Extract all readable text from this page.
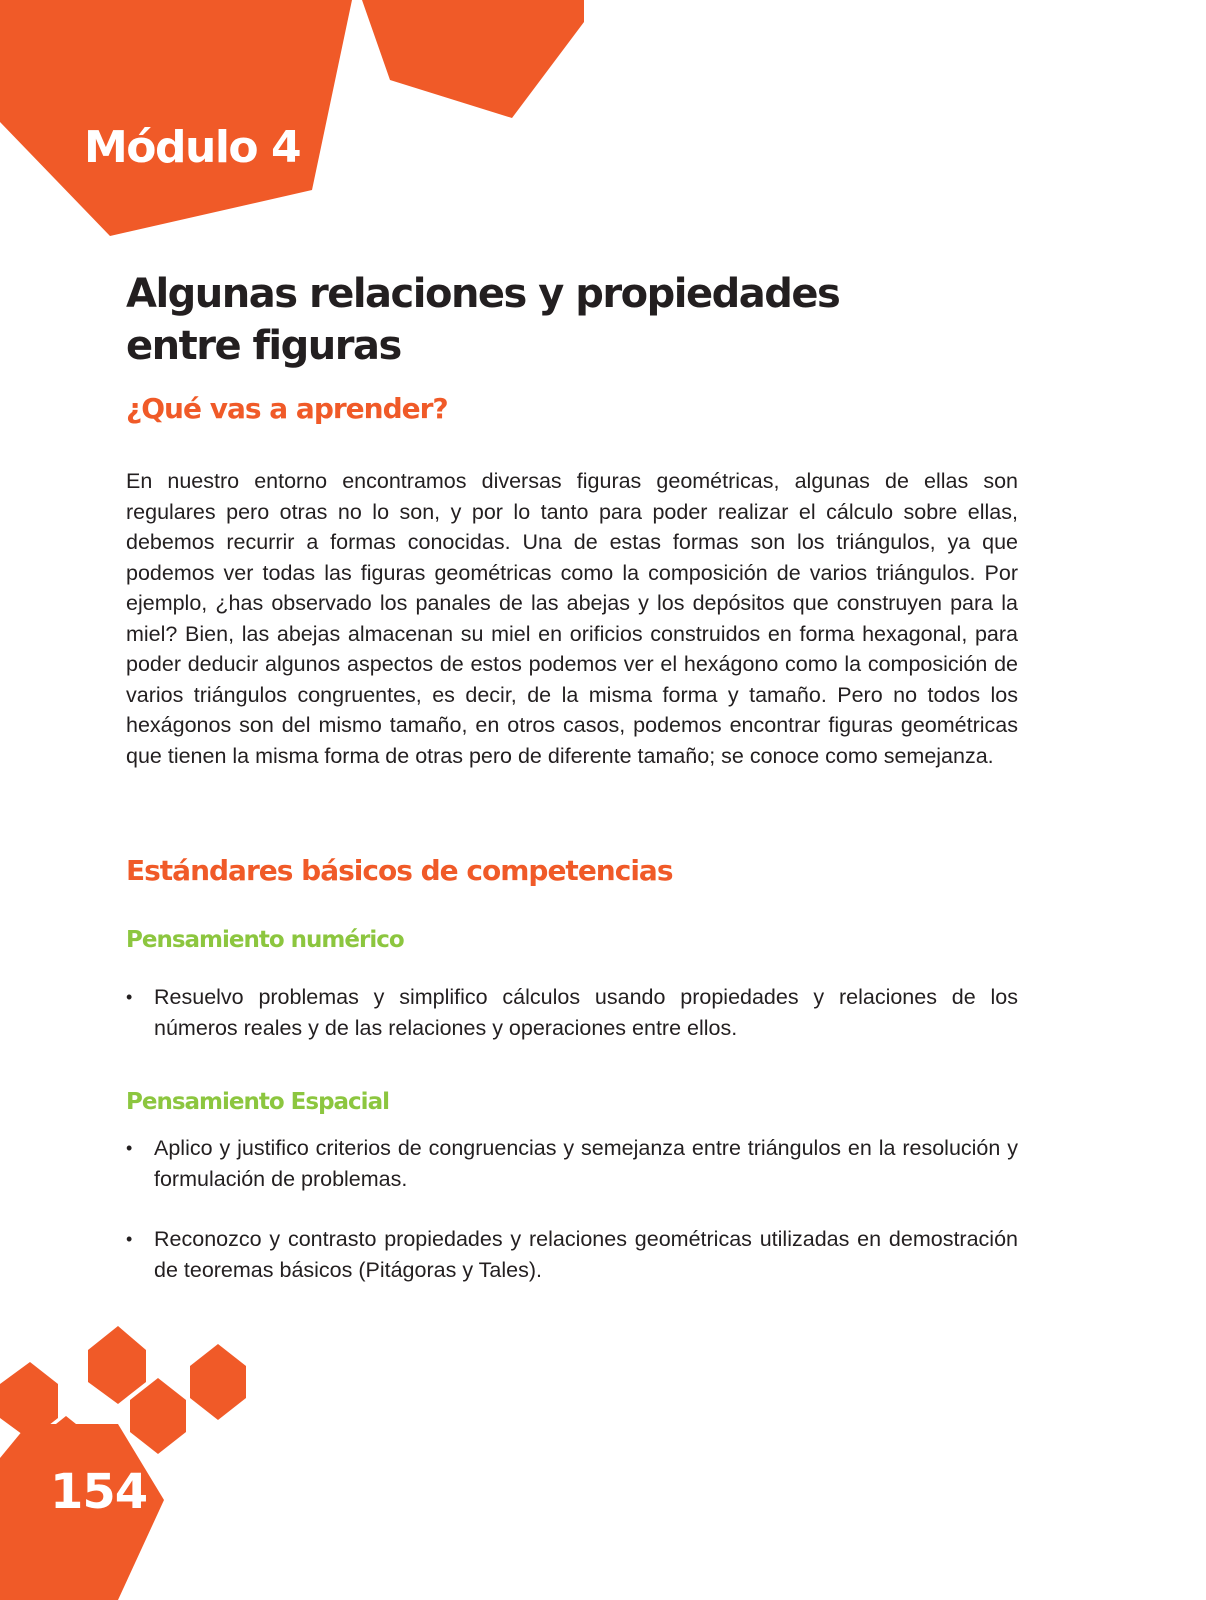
Módulo 4
Algunas relaciones y propiedades
entre figuras
¿Qué vas a aprender?

En nuestro entorno encontramos diversas figuras geométricas, algunas de ellas son regulares pero otras no lo son, y por lo tanto para poder realizar el cálculo sobre ellas, debemos recurrir a formas conocidas. Una de estas formas son los triángulos, ya que podemos ver todas las figuras geométricas como la composición de varios triángulos. Por ejemplo, ¿has observado los panales de las abejas y los depósitos que construyen para la miel? Bien, las abejas almacenan su miel en orificios construidos en forma hexagonal, para poder deducir algunos aspectos de estos podemos ver el hexágono como la composición de varios triángulos congruentes, es decir, de la misma forma y tamaño. Pero no todos los hexágonos son del mismo tamaño, en otros casos, podemos encontrar figuras geométricas que tienen la misma forma de otras pero de diferente tamaño; se conoce como semejanza.

Estándares básicos de competencias
Pensamiento numérico
• Resuelvo problemas y simplifico cálculos usando propiedades y relaciones de los números reales y de las relaciones y operaciones entre ellos.
Pensamiento Espacial
• Aplico y justifico criterios de congruencias y semejanza entre triángulos en la resolución y formulación de problemas.
• Reconozco y contrasto propiedades y relaciones geométricas utilizadas en demostración de teoremas básicos (Pitágoras y Tales).
154
